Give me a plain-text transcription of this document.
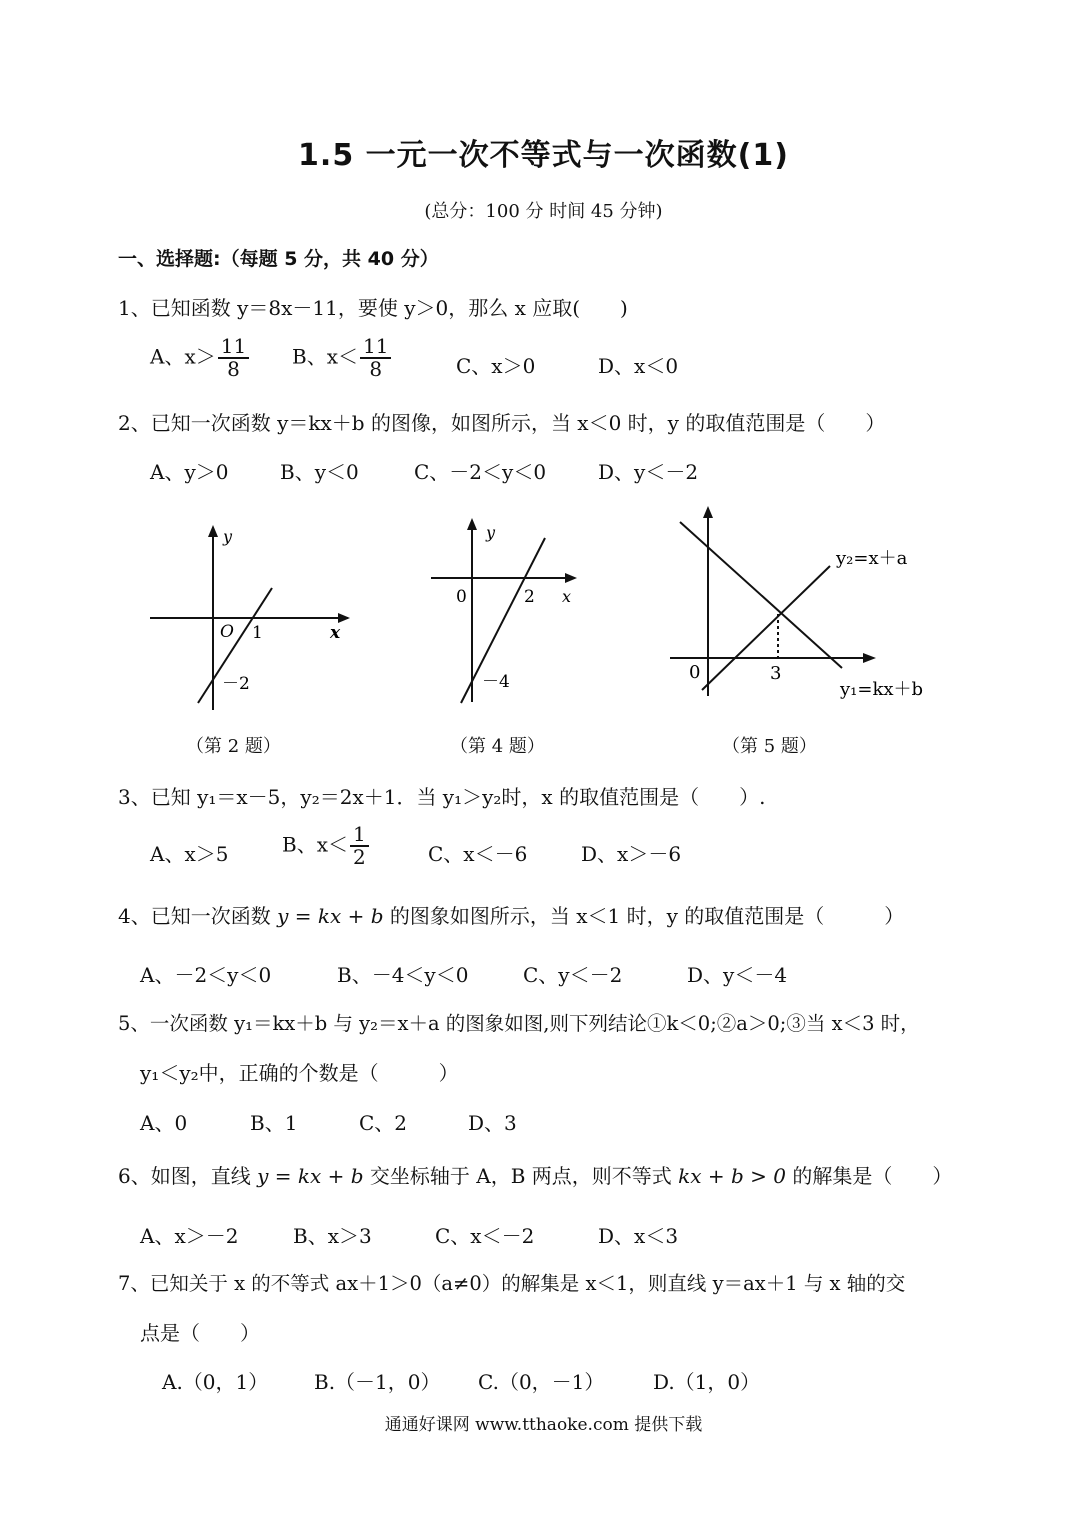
1.5 一元一次不等式与一次函数(1)
(总分：100 分 时间 45 分钟)
一、选择题:（每题 5 分，共 40 分）
1、已知函数 y＝8x－11，要使 y＞0，那么 x 应取(　　)
A、$x> \frac{11}{8}$ B、$x< \frac{11}{8}$	C、x＞0	D、x＜0
2、已知一次函数 y＝kx＋b 的图像，如图所示，当 x＜0 时，y 的取值范围是（　　）
A、y＞0	B、y＜0	C、－2＜y＜0	D、y＜－2
y
x
O 1
－2
（第 2 题）
y
x
0	2
－4
（第 4 题）
y₂=x＋a
y₁=kx＋b
0	3
（第 5 题）
3、已知 y₁＝x－5，y₂＝2x＋1．当 y₁＞y₂时，x 的取值范围是（　　）.
A、x＞5	B、$x< \frac{1}{2}$	C、x＜－6	D、x＞－6
4、已知一次函数 y = kx + b 的图象如图所示，当 x＜1 时，y 的取值范围是（　　　）
A、－2＜y＜0	B、－4＜y＜0	C、y＜－2	D、y＜－4
5、一次函数 y₁＝kx＋b 与 y₂＝x＋a 的图象如图,则下列结论①k＜0;②a＞0;③当 x＜3 时，
y₁＜y₂中，正确的个数是（　　　）
A、0	B、1	C、2	D、3
6、如图，直线 y = kx + b 交坐标轴于 A，B 两点，则不等式 kx + b > 0 的解集是（　　）
A、x＞－2	B、x＞3	C、x＜－2	D、x＜3
7、已知关于 x 的不等式 ax＋1＞0（a≠0）的解集是 x＜1，则直线 y＝ax＋1 与 x 轴的交
点是（　　）
A.（0，1） B.（－1，0） C.（0，－1） D.（1，0）
通通好课网 www.tthaoke.com 提供下载
